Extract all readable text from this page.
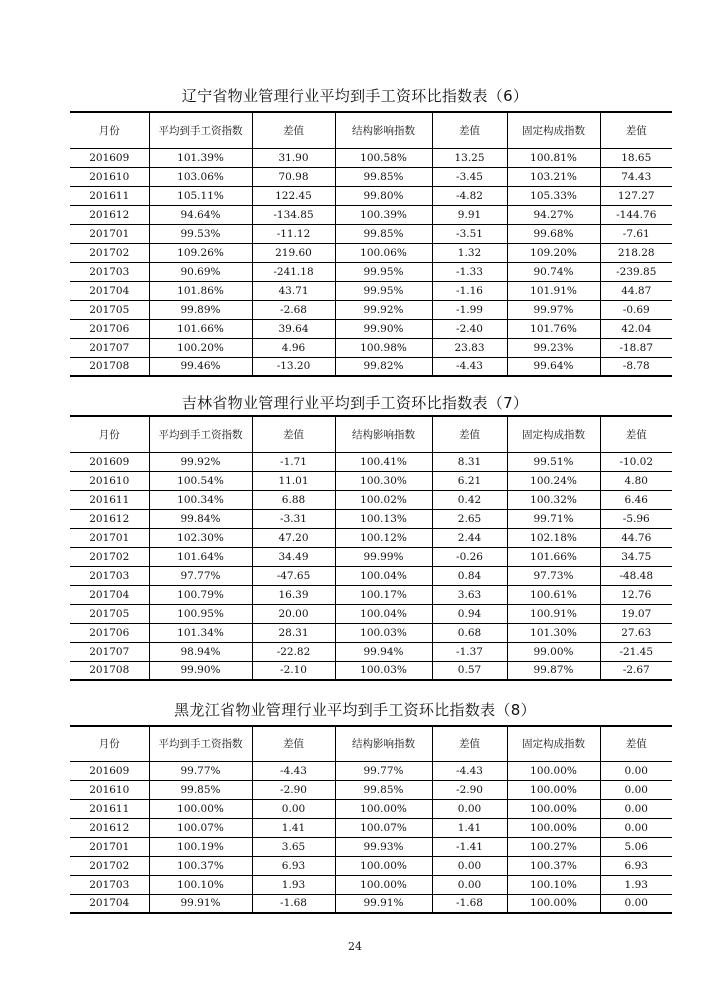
辽宁省物业管理行业平均到手工资环比指数表（6）
月份	平均到手工资指数	差值	结构影响指数	差值	固定构成指数	差值
201609	101.39%	31.90	100.58%	13.25	100.81%	18.65
201610	103.06%	70.98	99.85%	-3.45	103.21%	74.43
201611	105.11%	122.45	99.80%	-4.82	105.33%	127.27
201612	94.64%	-134.85	100.39%	9.91	94.27%	-144.76
201701	99.53%	-11.12	99.85%	-3.51	99.68%	-7.61
201702	109.26%	219.60	100.06%	1.32	109.20%	218.28
201703	90.69%	-241.18	99.95%	-1.33	90.74%	-239.85
201704	101.86%	43.71	99.95%	-1.16	101.91%	44.87
201705	99.89%	-2.68	99.92%	-1.99	99.97%	-0.69
201706	101.66%	39.64	99.90%	-2.40	101.76%	42.04
201707	100.20%	4.96	100.98%	23.83	99.23%	-18.87
201708	99.46%	-13.20	99.82%	-4.43	99.64%	-8.78
吉林省物业管理行业平均到手工资环比指数表（7）
月份	平均到手工资指数	差值	结构影响指数	差值	固定构成指数	差值
201609	99.92%	-1.71	100.41%	8.31	99.51%	-10.02
201610	100.54%	11.01	100.30%	6.21	100.24%	4.80
201611	100.34%	6.88	100.02%	0.42	100.32%	6.46
201612	99.84%	-3.31	100.13%	2.65	99.71%	-5.96
201701	102.30%	47.20	100.12%	2.44	102.18%	44.76
201702	101.64%	34.49	99.99%	-0.26	101.66%	34.75
201703	97.77%	-47.65	100.04%	0.84	97.73%	-48.48
201704	100.79%	16.39	100.17%	3.63	100.61%	12.76
201705	100.95%	20.00	100.04%	0.94	100.91%	19.07
201706	101.34%	28.31	100.03%	0.68	101.30%	27.63
201707	98.94%	-22.82	99.94%	-1.37	99.00%	-21.45
201708	99.90%	-2.10	100.03%	0.57	99.87%	-2.67
黑龙江省物业管理行业平均到手工资环比指数表（8）
月份	平均到手工资指数	差值	结构影响指数	差值	固定构成指数	差值
201609	99.77%	-4.43	99.77%	-4.43	100.00%	0.00
201610	99.85%	-2.90	99.85%	-2.90	100.00%	0.00
201611	100.00%	0.00	100.00%	0.00	100.00%	0.00
201612	100.07%	1.41	100.07%	1.41	100.00%	0.00
201701	100.19%	3.65	99.93%	-1.41	100.27%	5.06
201702	100.37%	6.93	100.00%	0.00	100.37%	6.93
201703	100.10%	1.93	100.00%	0.00	100.10%	1.93
201704	99.91%	-1.68	99.91%	-1.68	100.00%	0.00
24
